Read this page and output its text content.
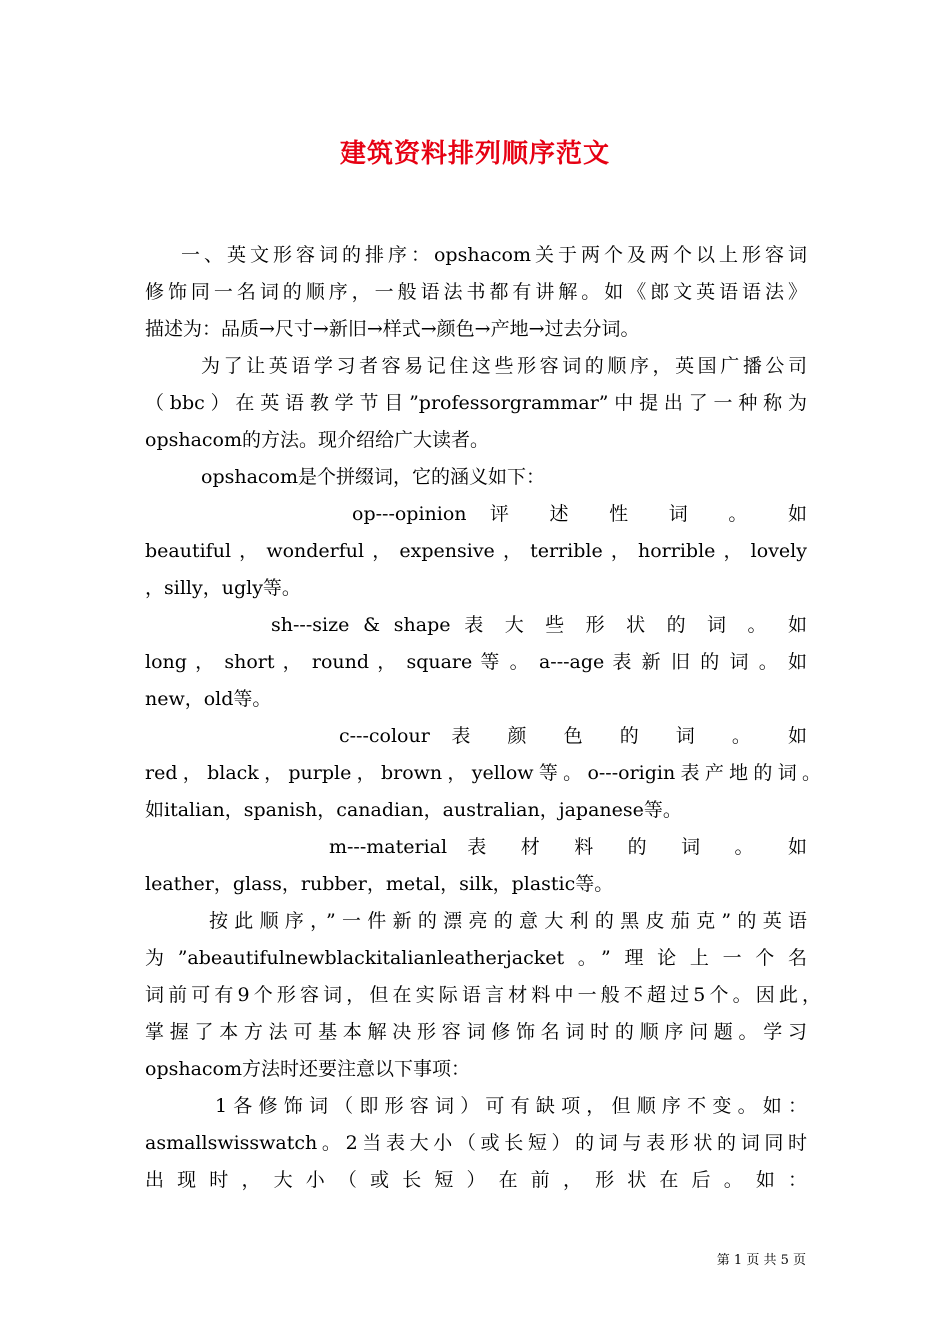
建筑资料排列顺序范文
一、英文形容词的排序：opshacom关于两个及两个以上形容词
修饰同一名词的顺序，一般语法书都有讲解。如《郎文英语语法》
描述为：品质→尺寸→新旧→样式→颜色→产地→过去分词。
为了让英语学习者容易记住这些形容词的顺序，英国广播公司
（bbc）在英语教学节目”professorgrammar”中提出了一种称为
opshacom的方法。现介绍给广大读者。
opshacom是个拼缀词，它的涵义如下：
op---opinion 评 述 性 词 。 如
beautiful，wonderful，expensive，terrible，horrible，lovely
，silly，ugly等。
sh---size & shape 表 大 些 形 状 的 词 。 如
long ， short ， round ， square 等 。 a---age 表 新 旧 的 词 。 如
new，old等。
c---colour 表 颜 色 的 词 。 如
red，black，purple，brown，yellow等。o---origin表产地的词。
如italian，spanish，canadian，australian，japanese等。
m---material 表 材 料 的 词 。 如
leather，glass，rubber，metal，silk，plastic等。
按此顺序，”一件新的漂亮的意大利的黑皮茄克”的英语
为”abeautifulnewblackitalianleatherjacket。”理论上一个名
词前可有9个形容词，但在实际语言材料中一般不超过5个。因此，
掌握了本方法可基本解决形容词修饰名词时的顺序问题。学习
opshacom方法时还要注意以下事项：
1各修饰词（即形容词）可有缺项，但顺序不变。如：
asmallswisswatch。2当表大小（或长短）的词与表形状的词同时
出 现 时 ， 大 小 （ 或 长 短 ） 在 前 ， 形 状 在 后 。 如 ：
第 1 页 共 5 页
